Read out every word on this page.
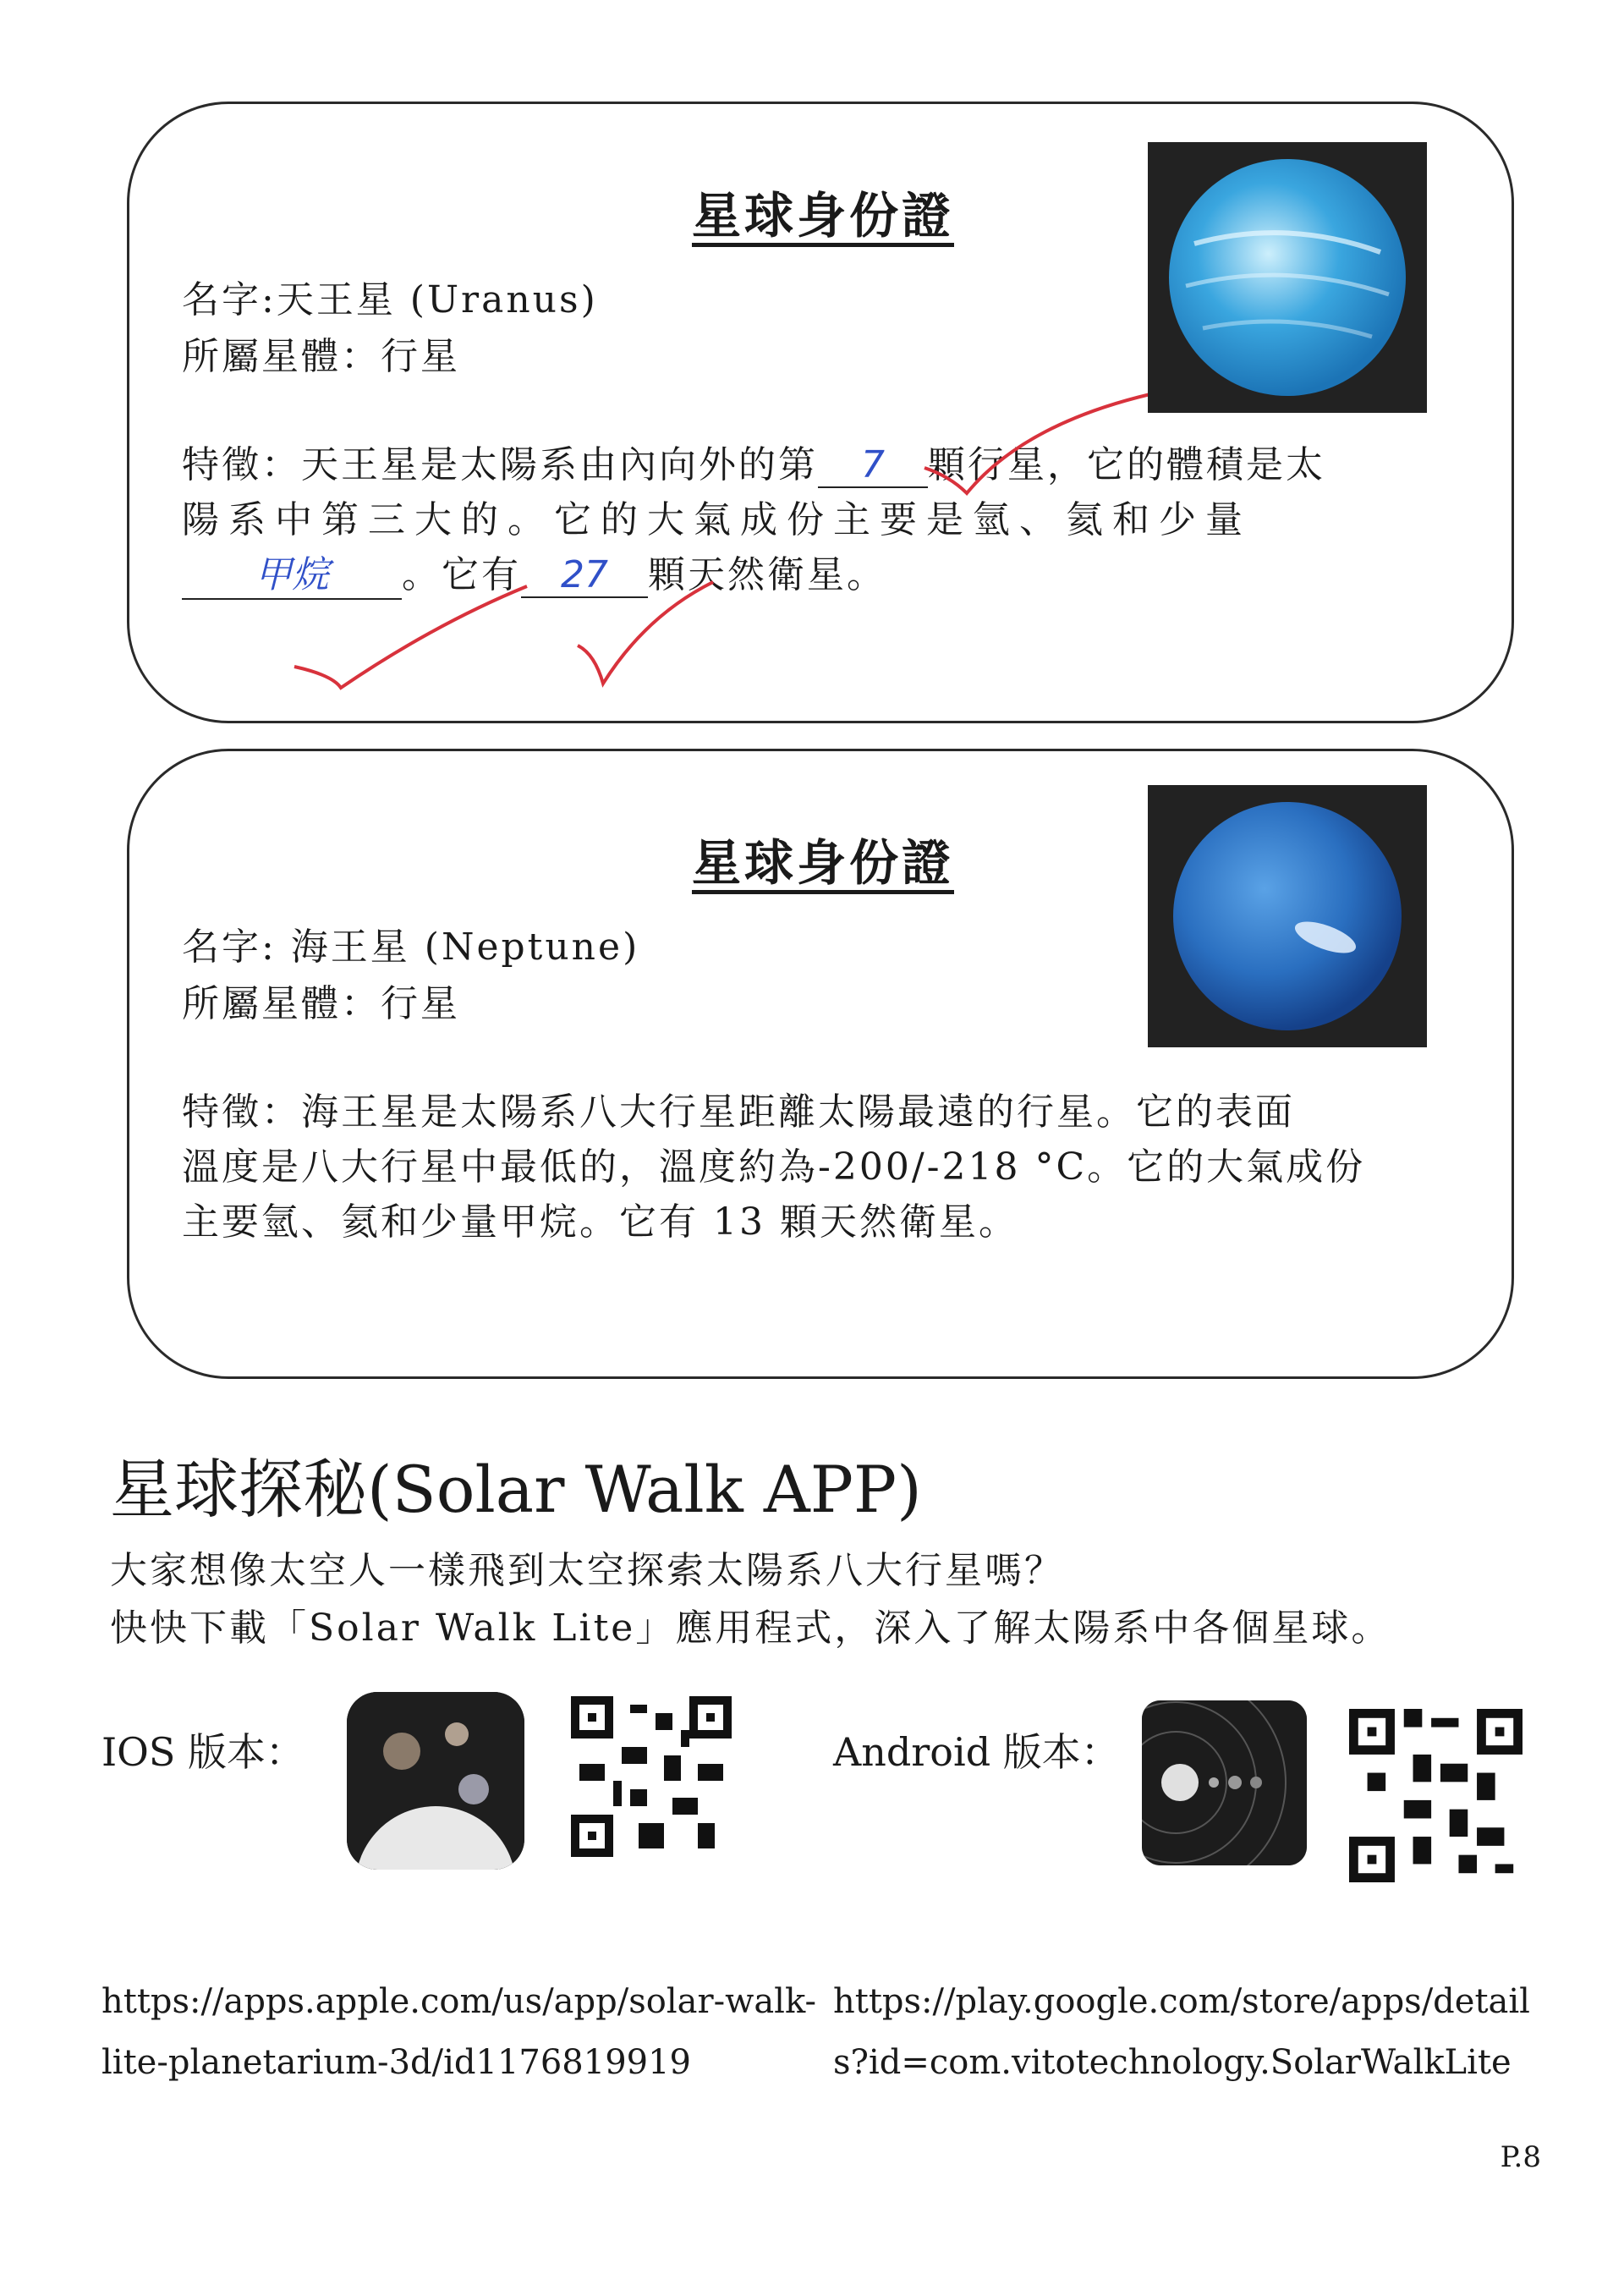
星球身份證
名字:天王星 (Uranus)
所屬星體：行星
特徵：天王星是太陽系由內向外的第 7 顆行星，它的體積是太
陽系中第三大的。它的大氣成份主要是氫、氦和少量
甲烷 。它有 27 顆天然衛星。
星球身份證
名字: 海王星 (Neptune)
所屬星體：行星
特徵：海王星是太陽系八大行星距離太陽最遠的行星。它的表面
溫度是八大行星中最低的，溫度約為-200/-218 °C。它的大氣成份
主要氫、氦和少量甲烷。它有 13 顆天然衛星。
星球探秘(Solar Walk APP)
大家想像太空人一樣飛到太空探索太陽系八大行星嗎？
快快下載「Solar Walk Lite」應用程式，深入了解太陽系中各個星球。
IOS 版本：
https://apps.apple.com/us/app/solar-walk-
lite-planetarium-3d/id1176819919
Android 版本：
https://play.google.com/store/apps/detail
s?id=com.vitotechnology.SolarWalkLite
P.8
